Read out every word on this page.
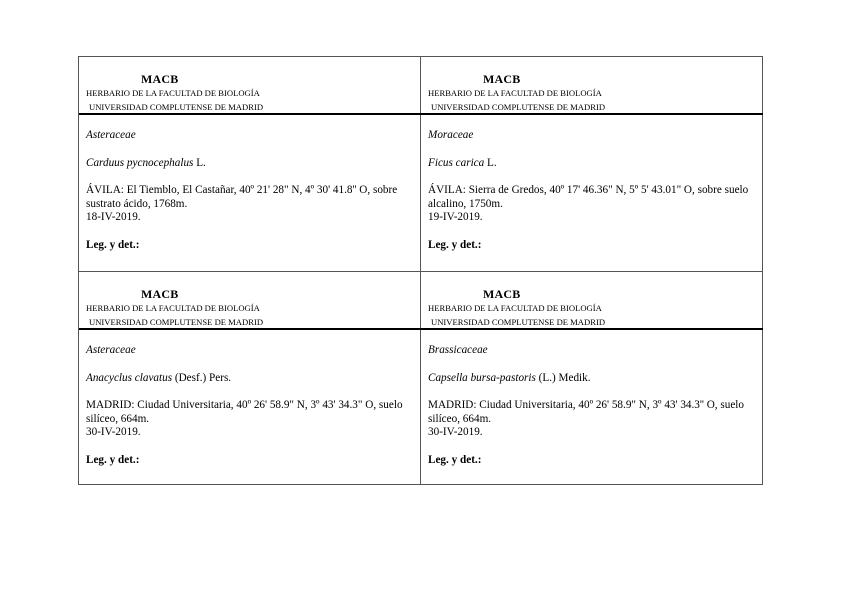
MACB
HERBARIO DE LA FACULTAD DE BIOLOGÍA
UNIVERSIDAD COMPLUTENSE DE MADRID

Asteraceae

Carduus pycnocephalus L.

ÁVILA: El Tiemblo, El Castañar, 40º 21' 28" N, 4º 30' 41.8'' O, sobre sustrato ácido, 1768m.

18-IV-2019.

Leg. y det.:

MACB
HERBARIO DE LA FACULTAD DE BIOLOGÍA
UNIVERSIDAD COMPLUTENSE DE MADRID

Moraceae

Ficus carica L.

ÁVILA: Sierra de Gredos, 40º 17' 46.36" N, 5º 5' 43.01" O, sobre suelo alcalino, 1750m.

19-IV-2019.

Leg. y det.:

MACB
HERBARIO DE LA FACULTAD DE BIOLOGÍA
UNIVERSIDAD COMPLUTENSE DE MADRID

Asteraceae

Anacyclus clavatus (Desf.) Pers.

MADRID: Ciudad Universitaria, 40º 26' 58.9" N, 3º 43' 34.3" O, suelo silíceo, 664m.

30-IV-2019.

Leg. y det.:

MACB
HERBARIO DE LA FACULTAD DE BIOLOGÍA
UNIVERSIDAD COMPLUTENSE DE MADRID

Brassicaceae

Capsella bursa-pastoris (L.) Medik.

MADRID: Ciudad Universitaria, 40º 26' 58.9" N, 3º 43' 34.3'' O, suelo silíceo, 664m.

30-IV-2019.

Leg. y det.:
